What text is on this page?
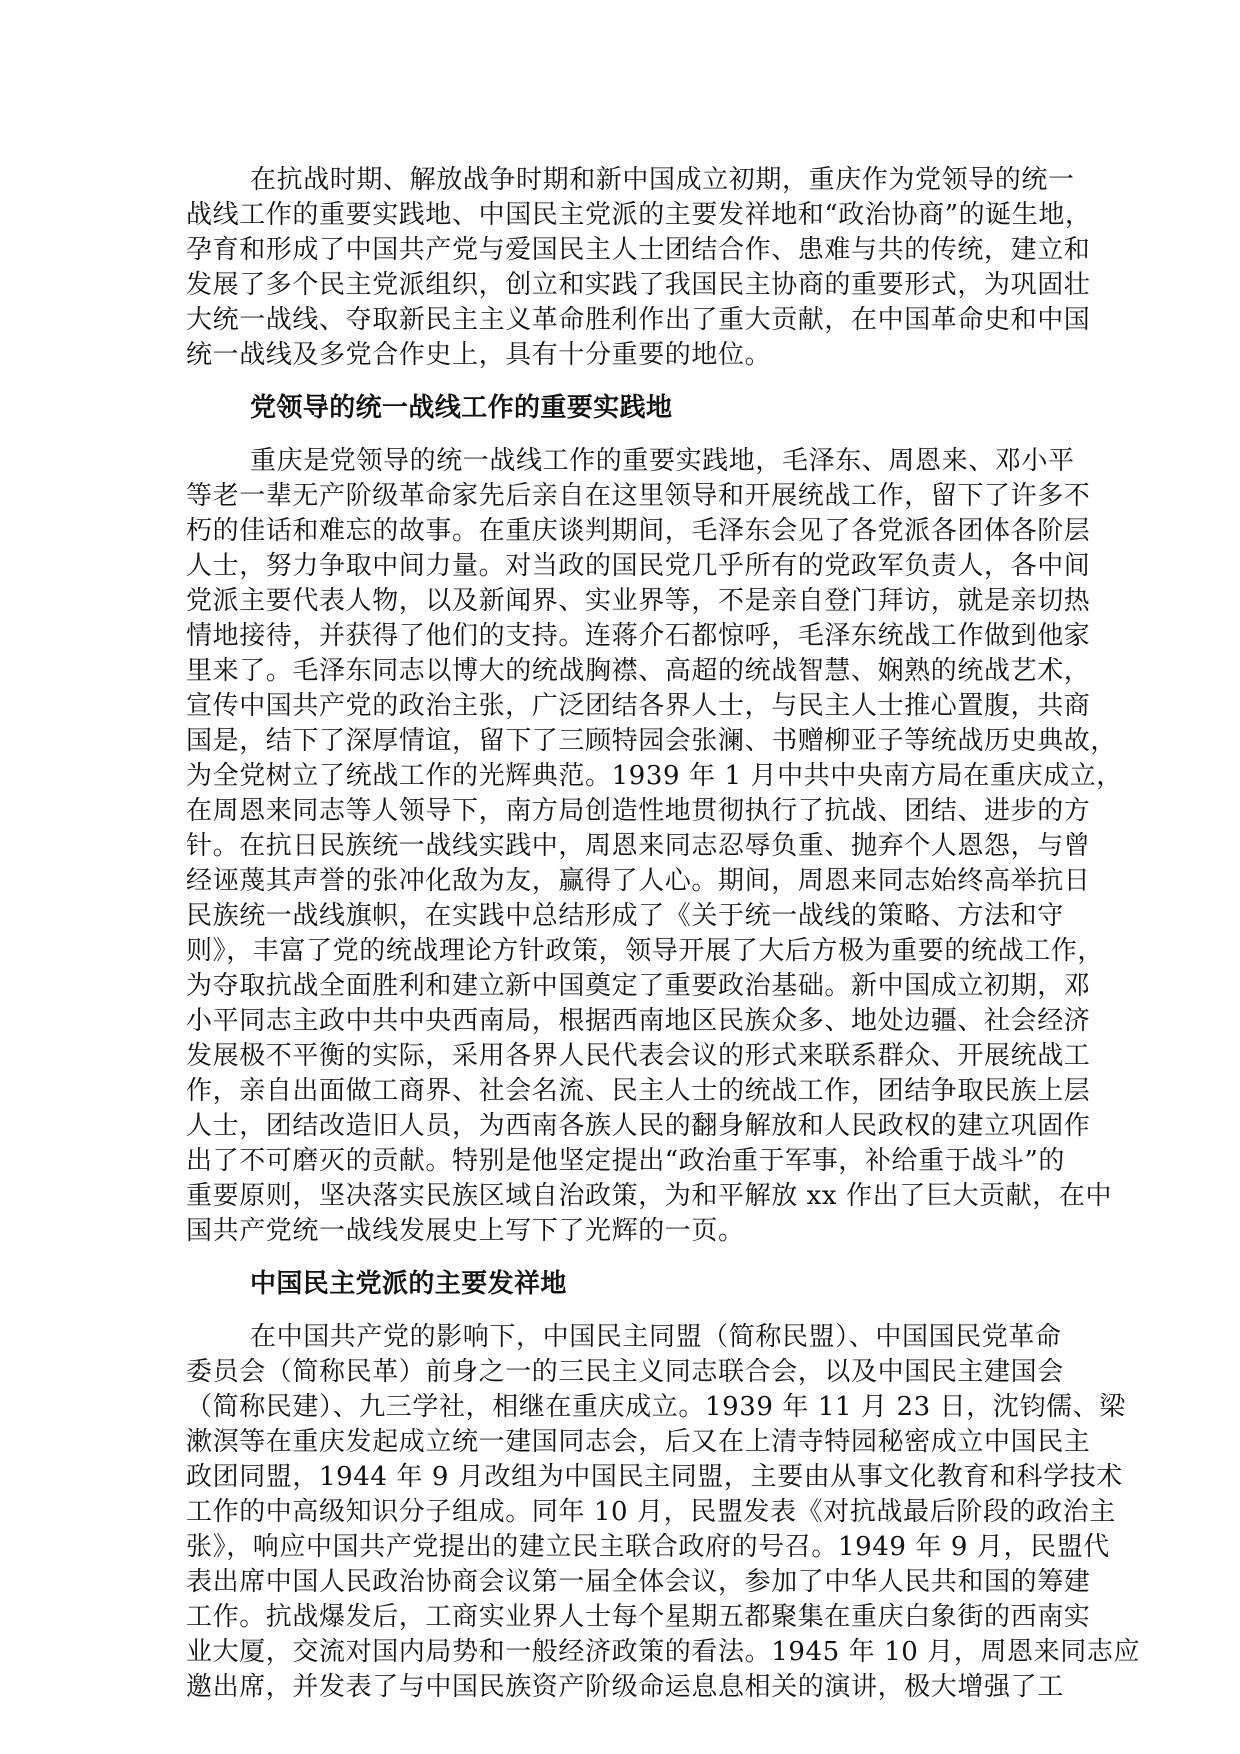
在抗战时期、解放战争时期和新中国成立初期，重庆作为党领导的统一
战线工作的重要实践地、中国民主党派的主要发祥地和“政治协商”的诞生地，
孕育和形成了中国共产党与爱国民主人士团结合作、患难与共的传统，建立和
发展了多个民主党派组织，创立和实践了我国民主协商的重要形式，为巩固壮
大统一战线、夺取新民主主义革命胜利作出了重大贡献，在中国革命史和中国
统一战线及多党合作史上，具有十分重要的地位。
党领导的统一战线工作的重要实践地
重庆是党领导的统一战线工作的重要实践地，毛泽东、周恩来、邓小平
等老一辈无产阶级革命家先后亲自在这里领导和开展统战工作，留下了许多不
朽的佳话和难忘的故事。在重庆谈判期间，毛泽东会见了各党派各团体各阶层
人士，努力争取中间力量。对当政的国民党几乎所有的党政军负责人，各中间
党派主要代表人物，以及新闻界、实业界等，不是亲自登门拜访，就是亲切热
情地接待，并获得了他们的支持。连蒋介石都惊呼，毛泽东统战工作做到他家
里来了。毛泽东同志以博大的统战胸襟、高超的统战智慧、娴熟的统战艺术，
宣传中国共产党的政治主张，广泛团结各界人士，与民主人士推心置腹，共商
国是，结下了深厚情谊，留下了三顾特园会张澜、书赠柳亚子等统战历史典故，
为全党树立了统战工作的光辉典范。1939 年 1 月中共中央南方局在重庆成立，
在周恩来同志等人领导下，南方局创造性地贯彻执行了抗战、团结、进步的方
针。在抗日民族统一战线实践中，周恩来同志忍辱负重、抛弃个人恩怨，与曾
经诬蔑其声誉的张冲化敌为友，赢得了人心。期间，周恩来同志始终高举抗日
民族统一战线旗帜，在实践中总结形成了《关于统一战线的策略、方法和守
则》，丰富了党的统战理论方针政策，领导开展了大后方极为重要的统战工作，
为夺取抗战全面胜利和建立新中国奠定了重要政治基础。新中国成立初期，邓
小平同志主政中共中央西南局，根据西南地区民族众多、地处边疆、社会经济
发展极不平衡的实际，采用各界人民代表会议的形式来联系群众、开展统战工
作，亲自出面做工商界、社会名流、民主人士的统战工作，团结争取民族上层
人士，团结改造旧人员，为西南各族人民的翻身解放和人民政权的建立巩固作
出了不可磨灭的贡献。特别是他坚定提出“政治重于军事，补给重于战斗”的
重要原则，坚决落实民族区域自治政策，为和平解放 xx 作出了巨大贡献，在中
国共产党统一战线发展史上写下了光辉的一页。
中国民主党派的主要发祥地
在中国共产党的影响下，中国民主同盟（简称民盟）、中国国民党革命
委员会（简称民革）前身之一的三民主义同志联合会，以及中国民主建国会
（简称民建）、九三学社，相继在重庆成立。1939 年 11 月 23 日，沈钧儒、梁
漱溟等在重庆发起成立统一建国同志会，后又在上清寺特园秘密成立中国民主
政团同盟，1944 年 9 月改组为中国民主同盟，主要由从事文化教育和科学技术
工作的中高级知识分子组成。同年 10 月，民盟发表《对抗战最后阶段的政治主
张》，响应中国共产党提出的建立民主联合政府的号召。1949 年 9 月，民盟代
表出席中国人民政治协商会议第一届全体会议，参加了中华人民共和国的筹建
工作。抗战爆发后，工商实业界人士每个星期五都聚集在重庆白象街的西南实
业大厦，交流对国内局势和一般经济政策的看法。1945 年 10 月，周恩来同志应
邀出席，并发表了与中国民族资产阶级命运息息相关的演讲，极大增强了工
